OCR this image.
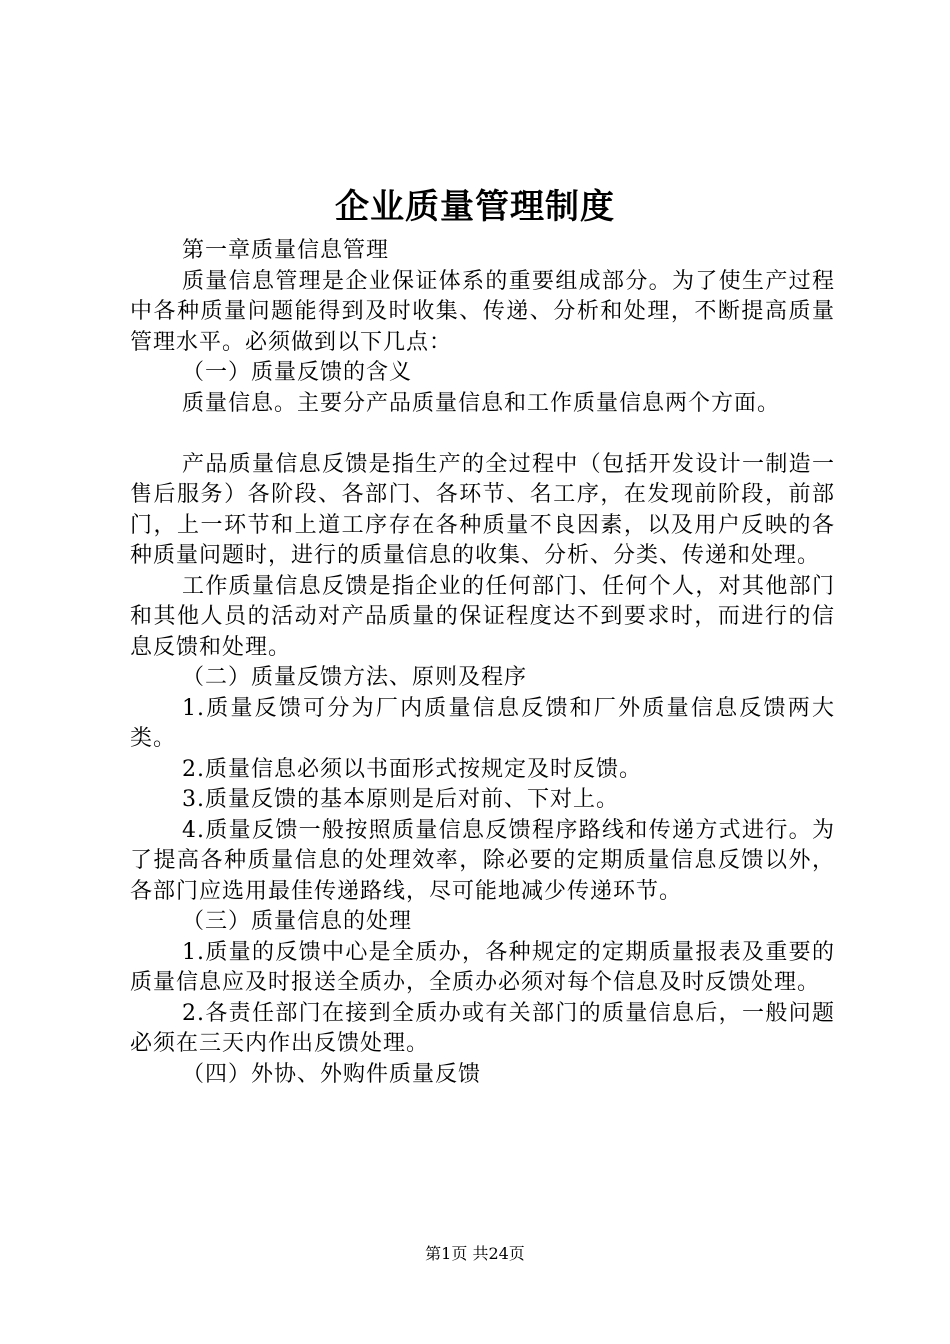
企业质量管理制度

第一章质量信息管理

质量信息管理是企业保证体系的重要组成部分。为了使生产过程中各种质量问题能得到及时收集、传递、分析和处理，不断提高质量管理水平。必须做到以下几点：

（一）质量反馈的含义

质量信息。主要分产品质量信息和工作质量信息两个方面。

产品质量信息反馈是指生产的全过程中（包括开发设计一制造一售后服务）各阶段、各部门、各环节、名工序，在发现前阶段，前部门，上一环节和上道工序存在各种质量不良因素，以及用户反映的各种质量问题时，进行的质量信息的收集、分析、分类、传递和处理。

工作质量信息反馈是指企业的任何部门、任何个人，对其他部门和其他人员的活动对产品质量的保证程度达不到要求时，而进行的信息反馈和处理。

（二）质量反馈方法、原则及程序

1.质量反馈可分为厂内质量信息反馈和厂外质量信息反馈两大类。

2.质量信息必须以书面形式按规定及时反馈。

3.质量反馈的基本原则是后对前、下对上。

4.质量反馈一般按照质量信息反馈程序路线和传递方式进行。为了提高各种质量信息的处理效率，除必要的定期质量信息反馈以外，各部门应选用最佳传递路线，尽可能地减少传递环节。

（三）质量信息的处理

1.质量的反馈中心是全质办，各种规定的定期质量报表及重要的质量信息应及时报送全质办，全质办必须对每个信息及时反馈处理。

2.各责任部门在接到全质办或有关部门的质量信息后，一般问题必须在三天内作出反馈处理。

（四）外协、外购件质量反馈

第1页 共24页
